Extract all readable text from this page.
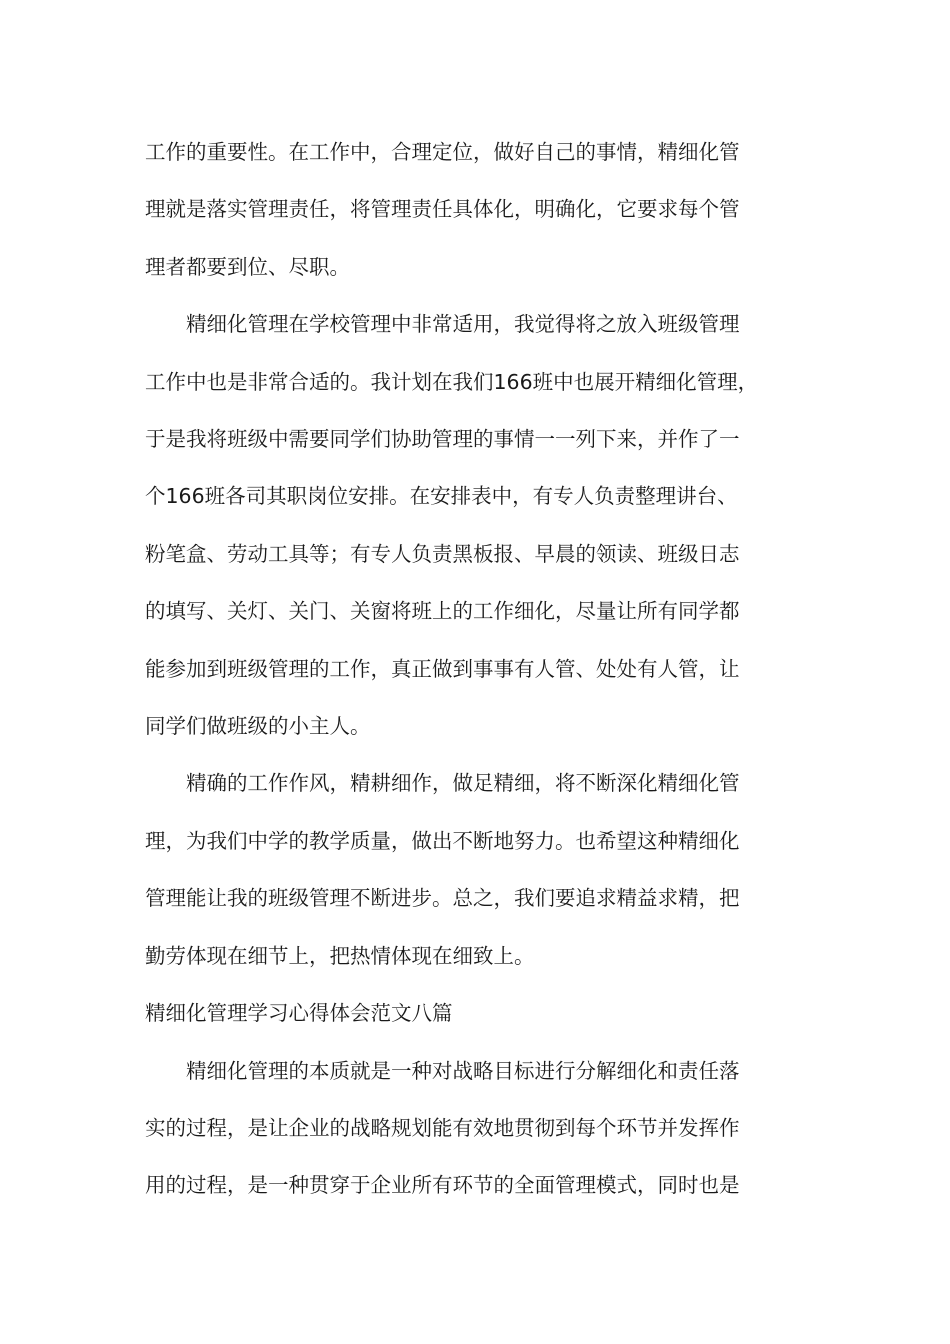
工作的重要性。在工作中，合理定位，做好自己的事情，精细化管
理就是落实管理责任，将管理责任具体化，明确化，它要求每个管
理者都要到位、尽职。

精细化管理在学校管理中非常适用，我觉得将之放入班级管理
工作中也是非常合适的。我计划在我们166班中也展开精细化管理，
于是我将班级中需要同学们协助管理的事情一一列下来，并作了一
个166班各司其职岗位安排。在安排表中，有专人负责整理讲台、
粉笔盒、劳动工具等；有专人负责黑板报、早晨的领读、班级日志
的填写、关灯、关门、关窗将班上的工作细化，尽量让所有同学都
能参加到班级管理的工作，真正做到事事有人管、处处有人管，让
同学们做班级的小主人。

精确的工作作风，精耕细作，做足精细，将不断深化精细化管
理，为我们中学的教学质量，做出不断地努力。也希望这种精细化
管理能让我的班级管理不断进步。总之，我们要追求精益求精，把
勤劳体现在细节上，把热情体现在细致上。

精细化管理学习心得体会范文八篇

精细化管理的本质就是一种对战略目标进行分解细化和责任落
实的过程，是让企业的战略规划能有效地贯彻到每个环节并发挥作
用的过程，是一种贯穿于企业所有环节的全面管理模式，同时也是
